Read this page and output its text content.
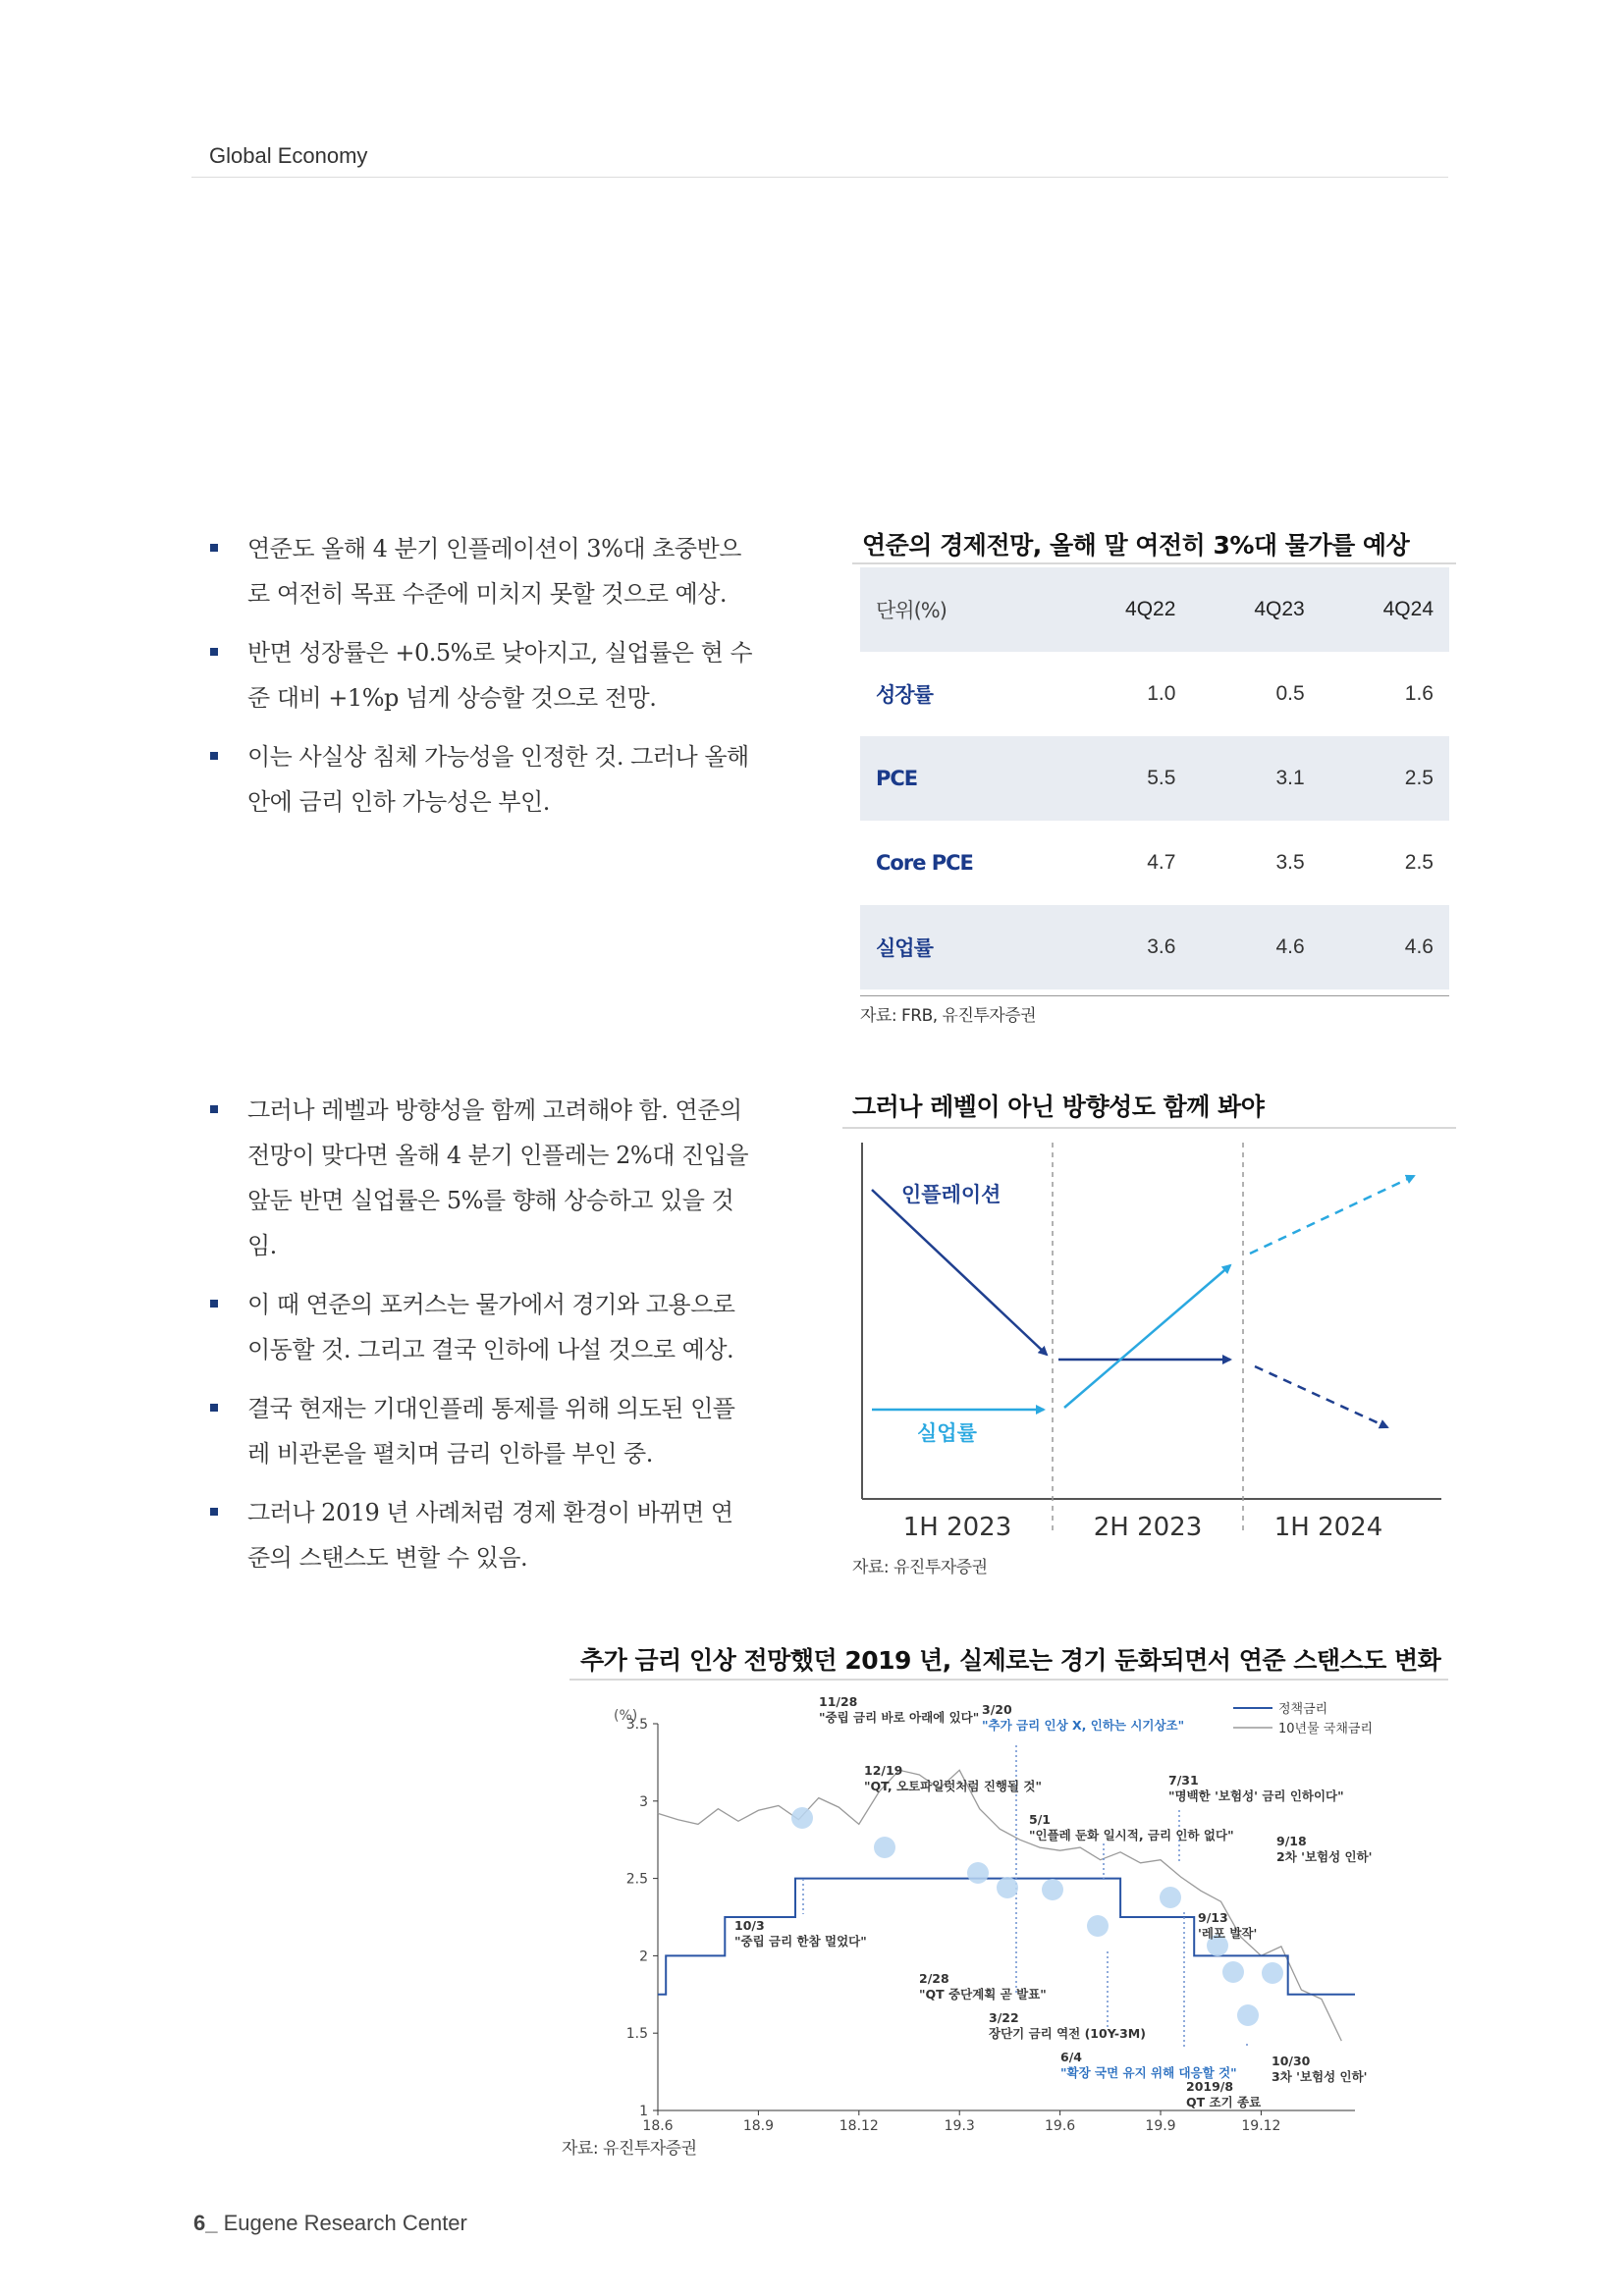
Global Economy
연준도 올해 4 분기 인플레이션이 3%대 초중반으로 여전히 목표 수준에 미치지 못할 것으로 예상.
반면 성장률은 +0.5%로 낮아지고, 실업률은 현 수준 대비 +1%p 넘게 상승할 것으로 전망.
이는 사실상 침체 가능성을 인정한 것. 그러나 올해 안에 금리 인하 가능성은 부인.
연준의 경제전망, 올해 말 여전히 3%대 물가를 예상
단위(%)	4Q22	4Q23	4Q24
성장률	1.0	0.5	1.6
PCE	5.5	3.1	2.5
Core PCE	4.7	3.5	2.5
실업률	3.6	4.6	4.6
자료: FRB, 유진투자증권
그러나 레벨과 방향성을 함께 고려해야 함. 연준의 전망이 맞다면 올해 4 분기 인플레는 2%대 진입을 앞둔 반면 실업률은 5%를 향해 상승하고 있을 것임.
이 때 연준의 포커스는 물가에서 경기와 고용으로 이동할 것. 그리고 결국 인하에 나설 것으로 예상.
결국 현재는 기대인플레 통제를 위해 의도된 인플레 비관론을 펼치며 금리 인하를 부인 중.
그러나 2019 년 사례처럼 경제 환경이 바뀌면 연준의 스탠스도 변할 수 있음.
그러나 레벨이 아닌 방향성도 함께 봐야
인플레이션
실업률
1H 2023	2H 2023	1H 2024
자료: 유진투자증권
추가 금리 인상 전망했던 2019 년, 실제로는 경기 둔화되면서 연준 스탠스도 변화
(%)
3.5
3
2.5
2
1.5
1
18.6	18.9	18.12	19.3	19.6	19.9	19.12
정책금리
10년물 국채금리
10/3
"중립 금리 한참 멀었다"
11/28
"중립 금리 바로 아래에 있다"
12/19
"QT, 오토파일럿처럼 진행될 것"
2/28
"QT 중단계획 곧 발표"
3/20
"추가 금리 인상 X, 인하는 시기상조"
3/22
장단기 금리 역전 (10Y-3M)
5/1
"인플레 둔화 일시적, 금리 인하 없다"
6/4
"확장 국면 유지 위해 대응할 것"
7/31
"명백한 '보험성' 금리 인하이다"
2019/8
QT 조기 종료
9/13
'레포 발작'
9/18
2차 '보험성 인하'
10/30
3차 '보험성 인하'
자료: 유진투자증권
6_ Eugene Research Center
